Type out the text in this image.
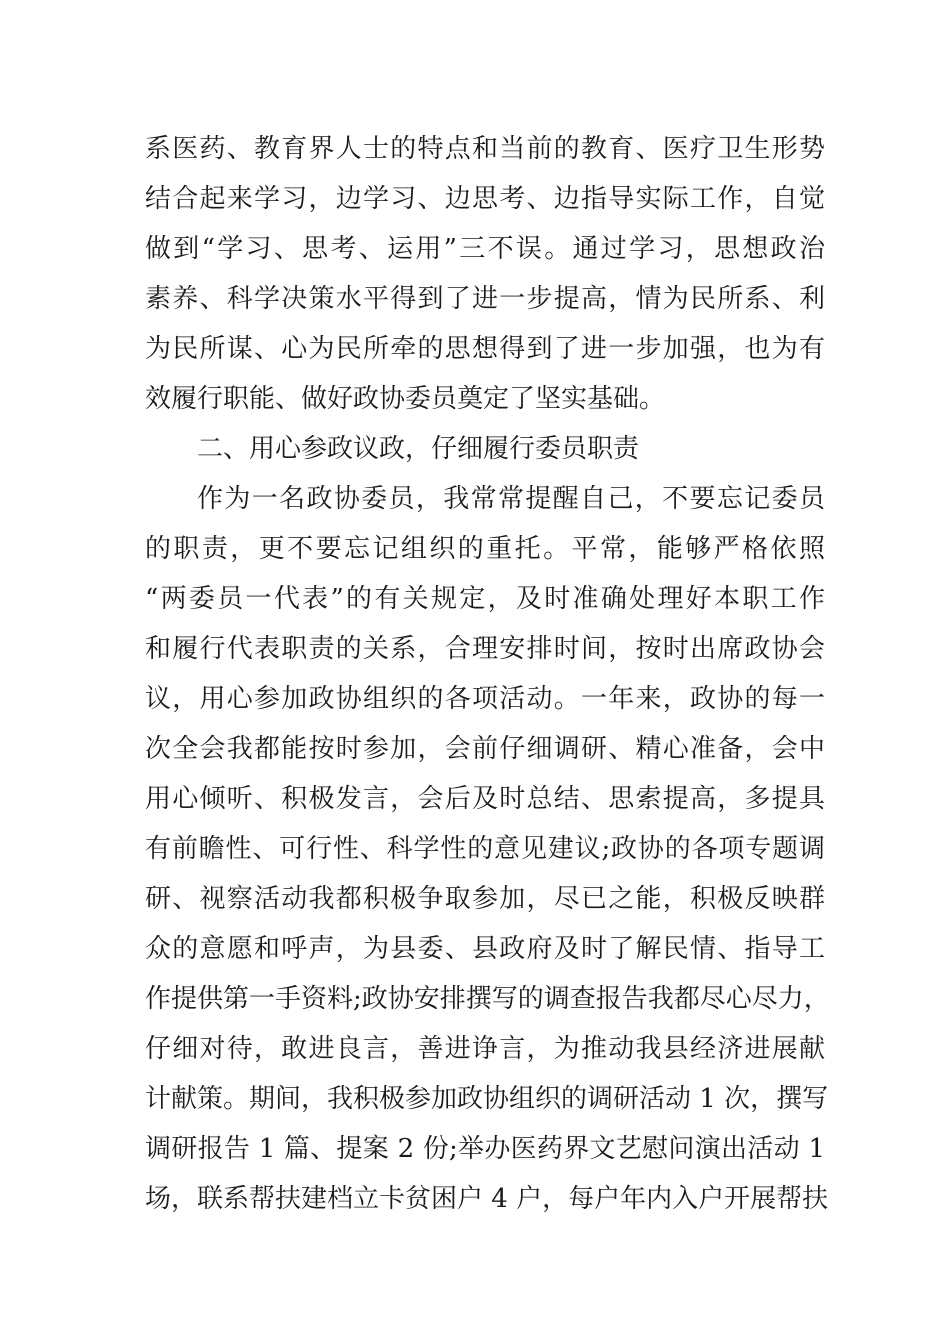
系医药、教育界人士的特点和当前的教育、医疗卫生形势
结合起来学习，边学习、边思考、边指导实际工作，自觉
做到“学习、思考、运用”三不误。通过学习，思想政治
素养、科学决策水平得到了进一步提高，情为民所系、利
为民所谋、心为民所牵的思想得到了进一步加强，也为有
效履行职能、做好政协委员奠定了坚实基础。
二、用心参政议政，仔细履行委员职责
作为一名政协委员，我常常提醒自己，不要忘记委员
的职责，更不要忘记组织的重托。平常，能够严格依照
“两委员一代表”的有关规定，及时准确处理好本职工作
和履行代表职责的关系，合理安排时间，按时出席政协会
议，用心参加政协组织的各项活动。一年来，政协的每一
次全会我都能按时参加，会前仔细调研、精心准备，会中
用心倾听、积极发言，会后及时总结、思索提高，多提具
有前瞻性、可行性、科学性的意见建议;政协的各项专题调
研、视察活动我都积极争取参加，尽已之能，积极反映群
众的意愿和呼声，为县委、县政府及时了解民情、指导工
作提供第一手资料;政协安排撰写的调查报告我都尽心尽力，
仔细对待，敢进良言，善进诤言，为推动我县经济进展献
计献策。期间，我积极参加政协组织的调研活动 1 次，撰写
调研报告 1 篇、提案 2 份;举办医药界文艺慰问演出活动 1
场，联系帮扶建档立卡贫困户 4 户，每户年内入户开展帮扶
